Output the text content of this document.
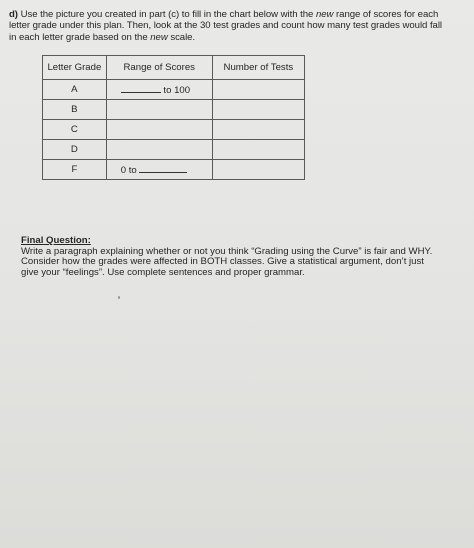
d) Use the picture you created in part (c) to fill in the chart below with the new range of scores for each letter grade under this plan. Then, look at the 30 test grades and count how many test grades would fall in each letter grade based on the new scale.
Letter Grade	Range of Scores	Number of Tests
A	to 100	
B		
C		
D		
F	0 to	
Final Question:
Write a paragraph explaining whether or not you think “Grading using the Curve” is fair and WHY. Consider how the grades were affected in BOTH classes. Give a statistical argument, don’t just give your “feelings”. Use complete sentences and proper grammar.
